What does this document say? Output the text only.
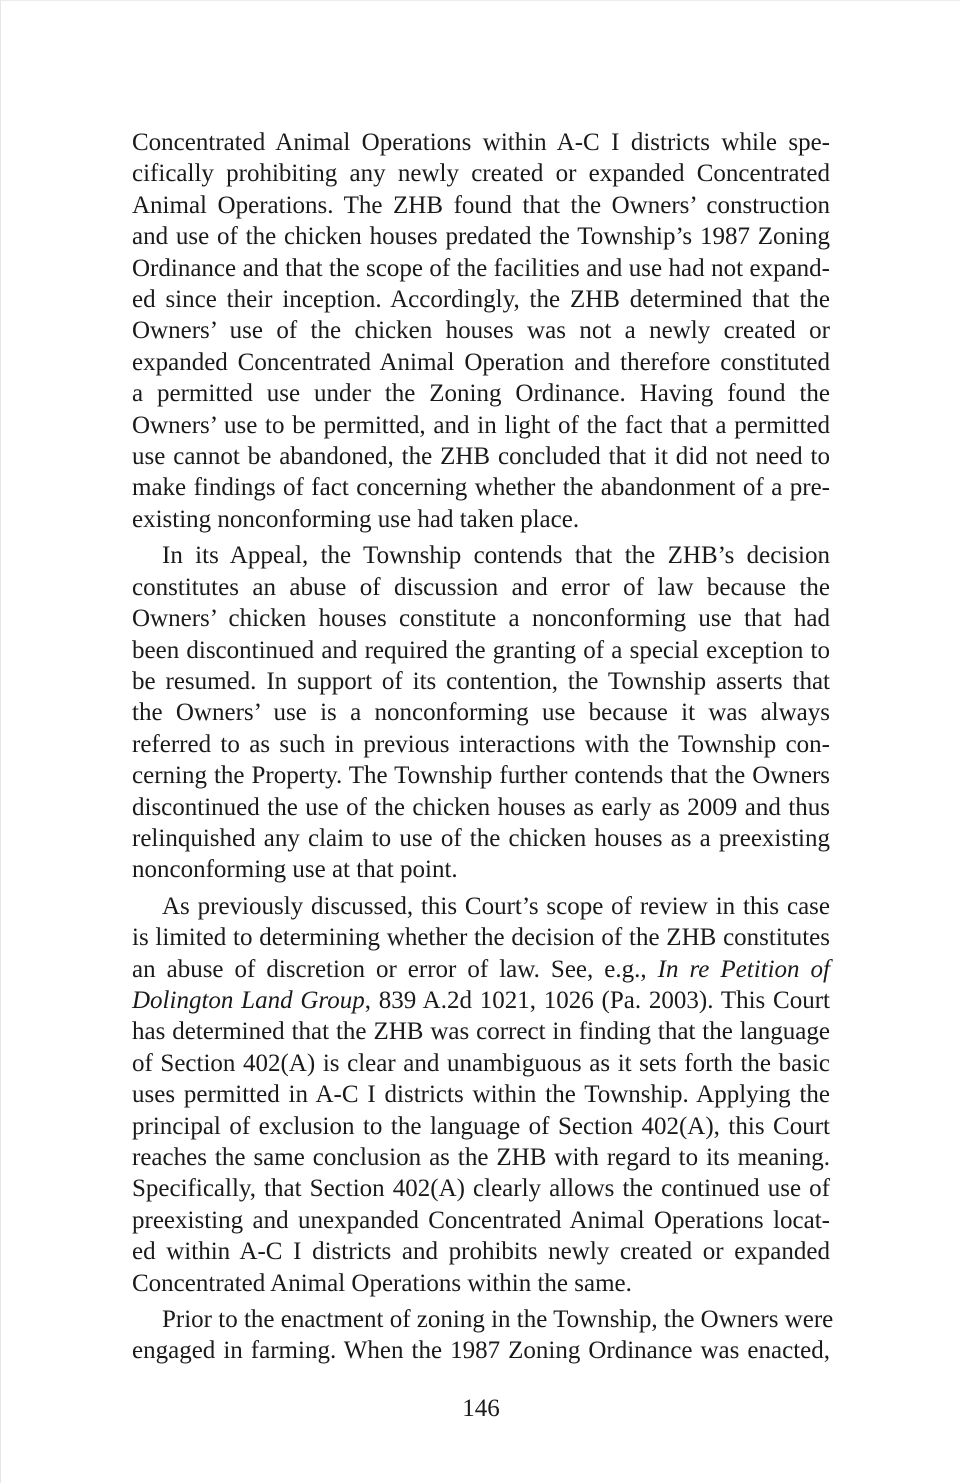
Concentrated Animal Operations within A-C I districts while spe-
cifically prohibiting any newly created or expanded Concentrated
Animal Operations. The ZHB found that the Owners’ construction
and use of the chicken houses predated the Township’s 1987 Zoning
Ordinance and that the scope of the facilities and use had not expand-
ed since their inception. Accordingly, the ZHB determined that the
Owners’ use of the chicken houses was not a newly created or
expanded Concentrated Animal Operation and therefore constituted
a permitted use under the Zoning Ordinance. Having found the
Owners’ use to be permitted, and in light of the fact that a permitted
use cannot be abandoned, the ZHB concluded that it did not need to
make findings of fact concerning whether the abandonment of a pre-
existing nonconforming use had taken place.

In its Appeal, the Township contends that the ZHB’s decision
constitutes an abuse of discussion and error of law because the
Owners’ chicken houses constitute a nonconforming use that had
been discontinued and required the granting of a special exception to
be resumed. In support of its contention, the Township asserts that
the Owners’ use is a nonconforming use because it was always
referred to as such in previous interactions with the Township con-
cerning the Property. The Township further contends that the Owners
discontinued the use of the chicken houses as early as 2009 and thus
relinquished any claim to use of the chicken houses as a preexisting
nonconforming use at that point.

As previously discussed, this Court’s scope of review in this case
is limited to determining whether the decision of the ZHB constitutes
an abuse of discretion or error of law. See, e.g., In re Petition of
Dolington Land Group, 839 A.2d 1021, 1026 (Pa. 2003). This Court
has determined that the ZHB was correct in finding that the language
of Section 402(A) is clear and unambiguous as it sets forth the basic
uses permitted in A-C I districts within the Township. Applying the
principal of exclusion to the language of Section 402(A), this Court
reaches the same conclusion as the ZHB with regard to its meaning.
Specifically, that Section 402(A) clearly allows the continued use of
preexisting and unexpanded Concentrated Animal Operations locat-
ed within A-C I districts and prohibits newly created or expanded
Concentrated Animal Operations within the same.

Prior to the enactment of zoning in the Township, the Owners were
engaged in farming. When the 1987 Zoning Ordinance was enacted,

146
